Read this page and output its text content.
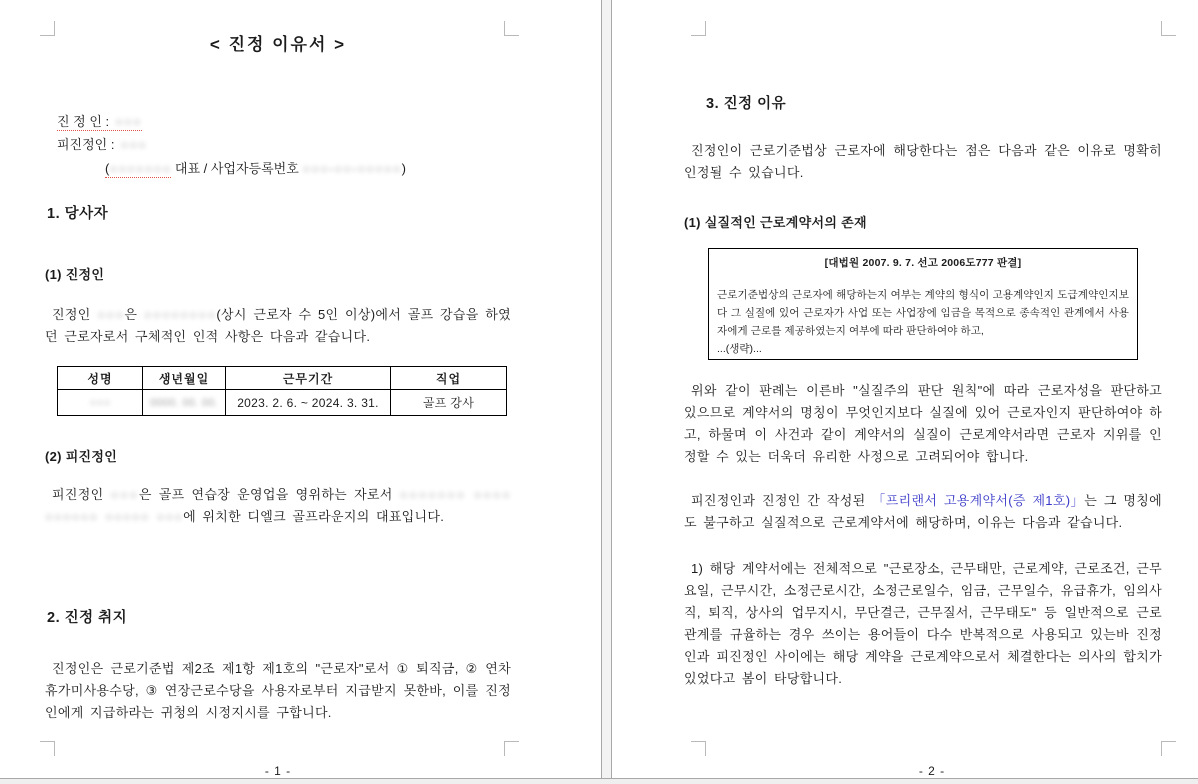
< 진정 이유서 >
진 정 인 : ○○○
피진정인 : ○○○
(○○○○○○○ 대표 / 사업자등록번호 ○○○-○○-○○○○○)
1. 당사자
(1) 진정인

진정인 ○○○은 ○○○○○○○○(상시 근로자 수 5인 이상)에서 골프 강습을 하였던 근로자로서 구체적인 인적 사항은 다음과 같습니다.

성명	생년월일	근무기간	직업
○○○	0000. 00. 00.	2023. 2. 6. ~ 2024. 3. 31.	골프 강사
(2) 피진정인

피진정인 ○○○은 골프 연습장 운영업을 영위하는 자로서 ○○○○○○○ ○○○○ ○○○○○○ ○○○○○ ○○○에 위치한 디엘크 골프라운지의 대표입니다.

2. 진정 취지

진정인은 근로기준법 제2조 제1항 제1호의 "근로자"로서 ① 퇴직금, ② 연차휴가미사용수당, ③ 연장근로수당을 사용자로부터 지급받지 못한바, 이를 진정인에게 지급하라는 귀청의 시정지시를 구합니다.

- 1 -
3. 진정 이유

진정인이 근로기준법상 근로자에 해당한다는 점은 다음과 같은 이유로 명확히 인정될 수 있습니다.

(1) 실질적인 근로계약서의 존재
[대법원 2007. 9. 7. 선고 2006도777 판결]
근로기준법상의 근로자에 해당하는지 여부는 계약의 형식이 고용계약인지 도급계약인지보다 그 실질에 있어 근로자가 사업 또는 사업장에 임금을 목적으로 종속적인 관계에서 사용자에게 근로를 제공하였는지 여부에 따라 판단하여야 하고,
...(생략)...

위와 같이 판례는 이른바 "실질주의 판단 원칙"에 따라 근로자성을 판단하고 있으므로 계약서의 명칭이 무엇인지보다 실질에 있어 근로자인지 판단하여야 하고, 하물며 이 사건과 같이 계약서의 실질이 근로계약서라면 근로자 지위를 인정할 수 있는 더욱더 유리한 사정으로 고려되어야 합니다.

피진정인과 진정인 간 작성된 「프리랜서 고용계약서(증 제1호)」는 그 명칭에도 불구하고 실질적으로 근로계약서에 해당하며, 이유는 다음과 같습니다.

1) 해당 계약서에는 전체적으로 "근로장소, 근무태만, 근로계약, 근로조건, 근무요일, 근무시간, 소정근로시간, 소정근로일수, 임금, 근무일수, 유급휴가, 임의사직, 퇴직, 상사의 업무지시, 무단결근, 근무질서, 근무태도" 등 일반적으로 근로관계를 규율하는 경우 쓰이는 용어들이 다수 반복적으로 사용되고 있는바 진정인과 피진정인 사이에는 해당 계약을 근로계약으로서 체결한다는 의사의 합치가 있었다고 봄이 타당합니다.

- 2 -
